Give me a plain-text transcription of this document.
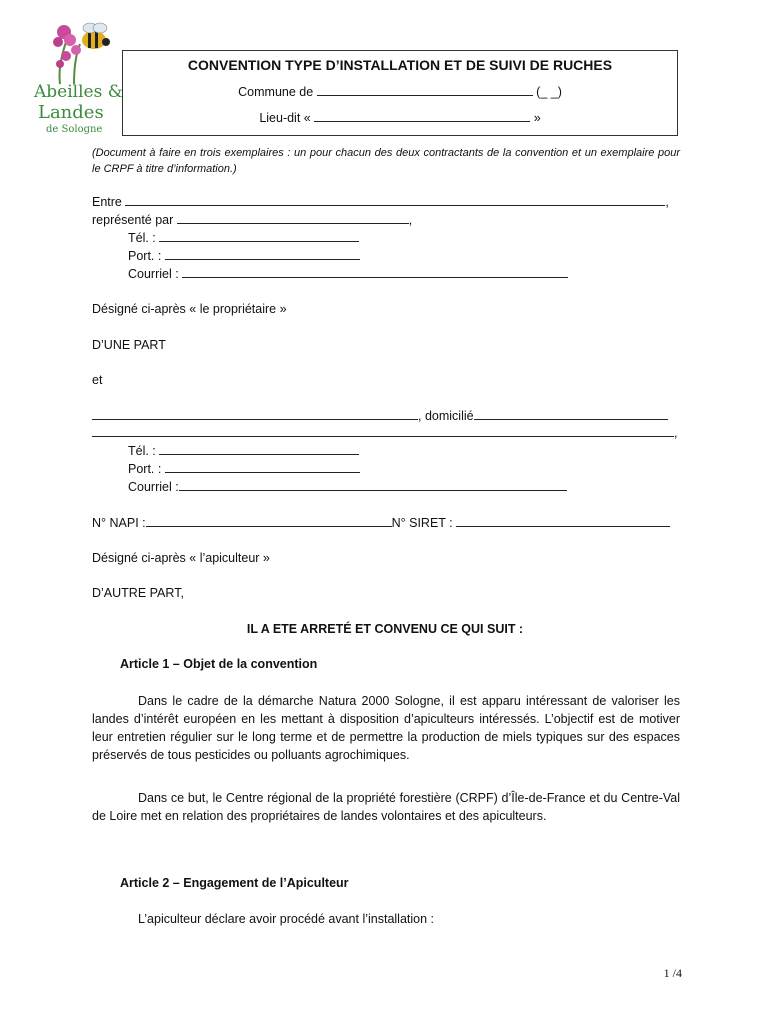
Abeilles &
Landes
de Sologne
CONVENTION TYPE D’INSTALLATION ET DE SUIVI DE RUCHES
Commune de	(_ _)
Lieu-dit «	»
(Document à faire en trois exemplaires : un pour chacun des deux contractants de la convention et un exemplaire pour le CRPF à titre d’information.)
Entre	,
représenté par	,
Tél. :
Port. :
Courriel :
Désigné ci-après « le propriétaire »
D’UNE PART
et
, domicilié
,
Tél. :
Port. :
Courriel :
N° NAPI :	N° SIRET :
Désigné ci-après « l’apiculteur »
D’AUTRE PART,
IL A ETE ARRETÉ ET CONVENU CE QUI SUIT :
Article 1 – Objet de la convention
Dans le cadre de la démarche Natura 2000 Sologne, il est apparu intéressant de valoriser les landes d’intérêt européen en les mettant à disposition d’apiculteurs intéressés. L’objectif est de motiver leur entretien régulier sur le long terme et de permettre la production de miels typiques sur des espaces préservés de tous pesticides ou polluants agrochimiques.
Dans ce but, le Centre régional de la propriété forestière (CRPF) d’Île-de-France et du Centre-Val de Loire met en relation des propriétaires de landes volontaires et des apiculteurs.
Article 2 – Engagement de l’Apiculteur
L’apiculteur déclare avoir procédé avant l’installation :
1 /4
